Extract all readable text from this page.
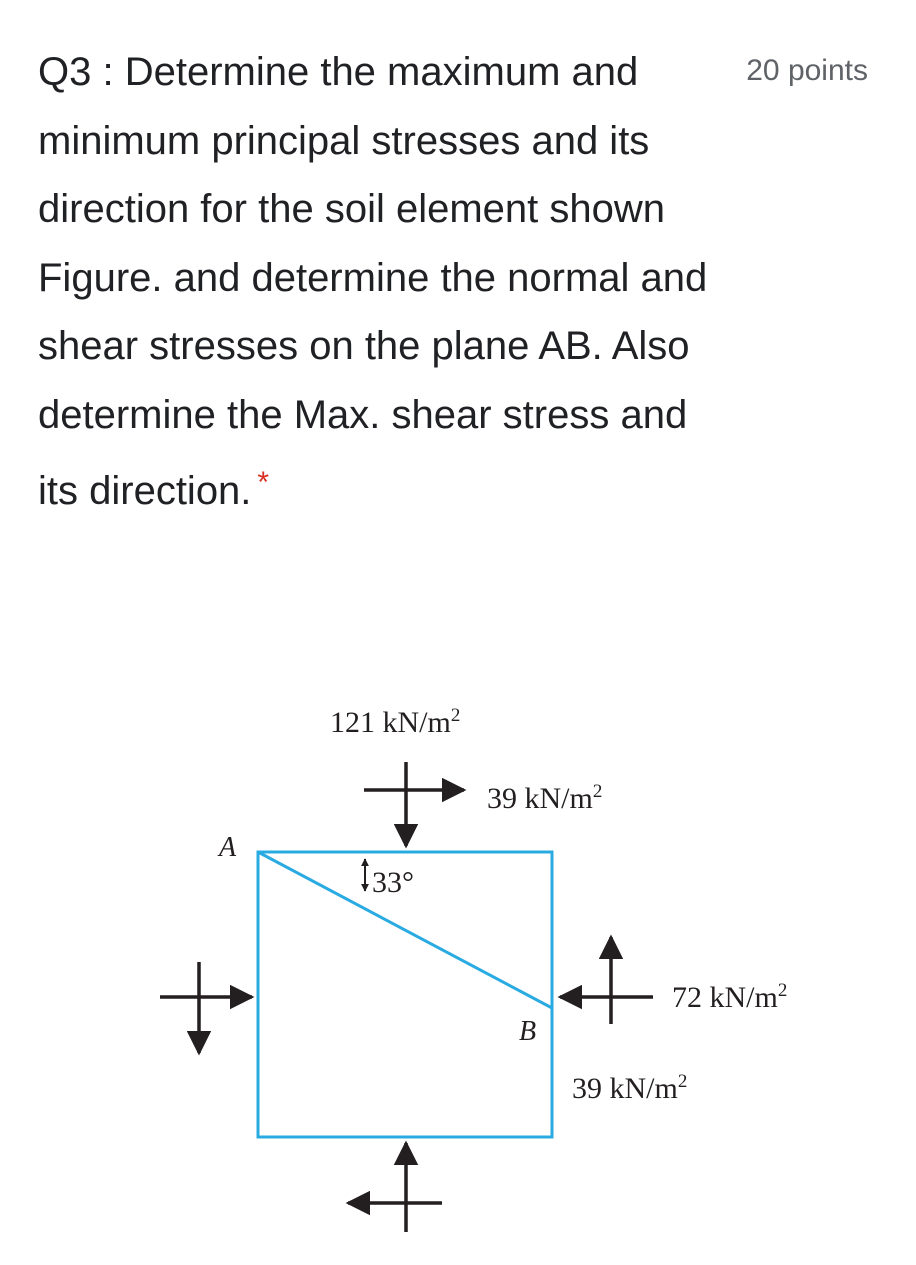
Q3 : Determine the maximum and minimum principal stresses and its direction for the soil element shown Figure. and determine the normal and shear stresses on the plane AB. Also determine the Max. shear stress and its direction. *
20 points
A
B
33°
121 $kN/m^2$
39 $kN/m^2$
72 $kN/m^2$
39 $kN/m^2$
